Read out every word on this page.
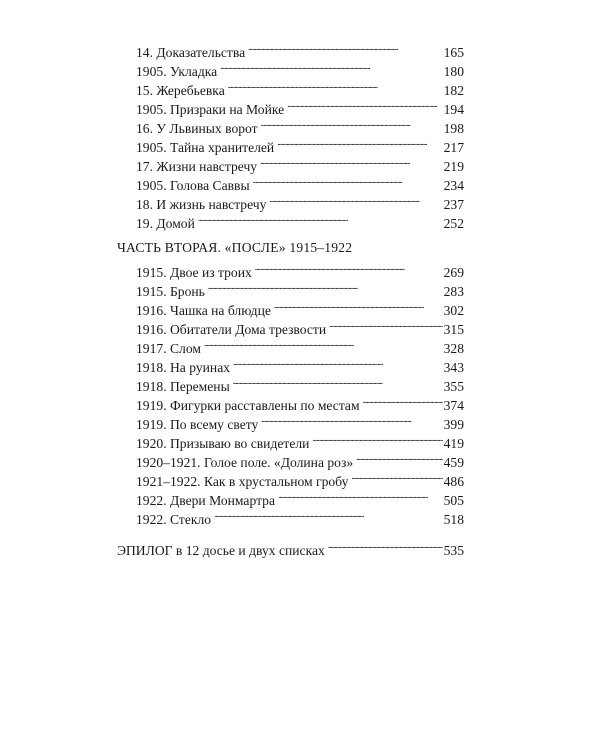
14. Доказательства . . .	165
1905. Укладка . . .	180
15. Жеребьевка . . .	182
1905. Призраки на Мойке . . .	194
16. У Львиных ворот . . .	198
1905. Тайна хранителей . . .	217
17. Жизни навстречу . . .	219
1905. Голова Саввы . . .	234
18. И жизнь навстречу . . .	237
19. Домой . . .	252
ЧАСТЬ ВТОРАЯ. «ПОСЛЕ» 1915–1922
1915. Двое из троих . . .	269
1915. Бронь . . .	283
1916. Чашка на блюдце . . .	302
1916. Обитатели Дома трезвости . . .	315
1917. Слом . . .	328
1918. На руинах . . .	343
1918. Перемены . . .	355
1919. Фигурки расставлены по местам . . .	374
1919. По всему свету . . .	399
1920. Призываю во свидетели . . .	419
1920–1921. Голое поле. «Долина роз» . . .	459
1921–1922. Как в хрустальном гробу . . .	486
1922. Двери Монмартра . . .	505
1922. Стекло . . .	518
ЭПИЛОГ в 12 досье и двух списках . . .	535
